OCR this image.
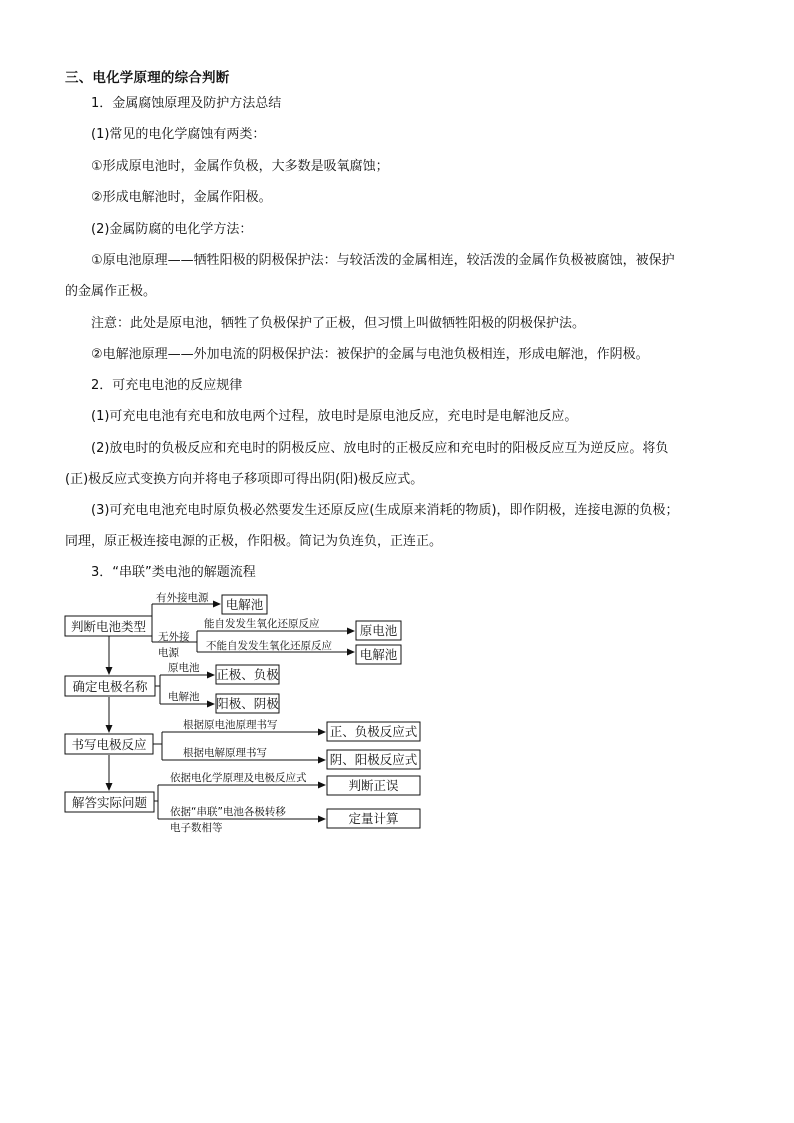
三、电化学原理的综合判断
1．金属腐蚀原理及防护方法总结
(1)常见的电化学腐蚀有两类：
①形成原电池时，金属作负极，大多数是吸氧腐蚀；
②形成电解池时，金属作阳极。
(2)金属防腐的电化学方法：
①原电池原理——牺牲阳极的阴极保护法：与较活泼的金属相连，较活泼的金属作负极被腐蚀，被保护
的金属作正极。
注意：此处是原电池，牺牲了负极保护了正极，但习惯上叫做牺牲阳极的阴极保护法。
②电解池原理——外加电流的阴极保护法：被保护的金属与电池负极相连，形成电解池，作阴极。
2．可充电电池的反应规律
(1)可充电电池有充电和放电两个过程，放电时是原电池反应，充电时是电解池反应。
(2)放电时的负极反应和充电时的阴极反应、放电时的正极反应和充电时的阳极反应互为逆反应。将负
(正)极反应式变换方向并将电子移项即可得出阴(阳)极反应式。
(3)可充电电池充电时原负极必然要发生还原反应(生成原来消耗的物质)，即作阴极，连接电源的负极；
同理，原正极连接电源的正极，作阳极。简记为负连负，正连正。
3．“串联”类电池的解题流程
判断电池类型
确定电极名称
书写电极反应
解答实际问题
有外接电源 电解池
无外接
电源
能自发发生氧化还原反应	原电池
不能自发发生氧化还原反应
电解池
原电池 正极、负极
电解池 阳极、阴极
根据原电池原理书写	正、负极反应式
根据电解原理书写	阴、阳极反应式
依据电化学原理及电极反应式	判断正误
依据“串联”电池各极转移
电子数相等
定量计算
